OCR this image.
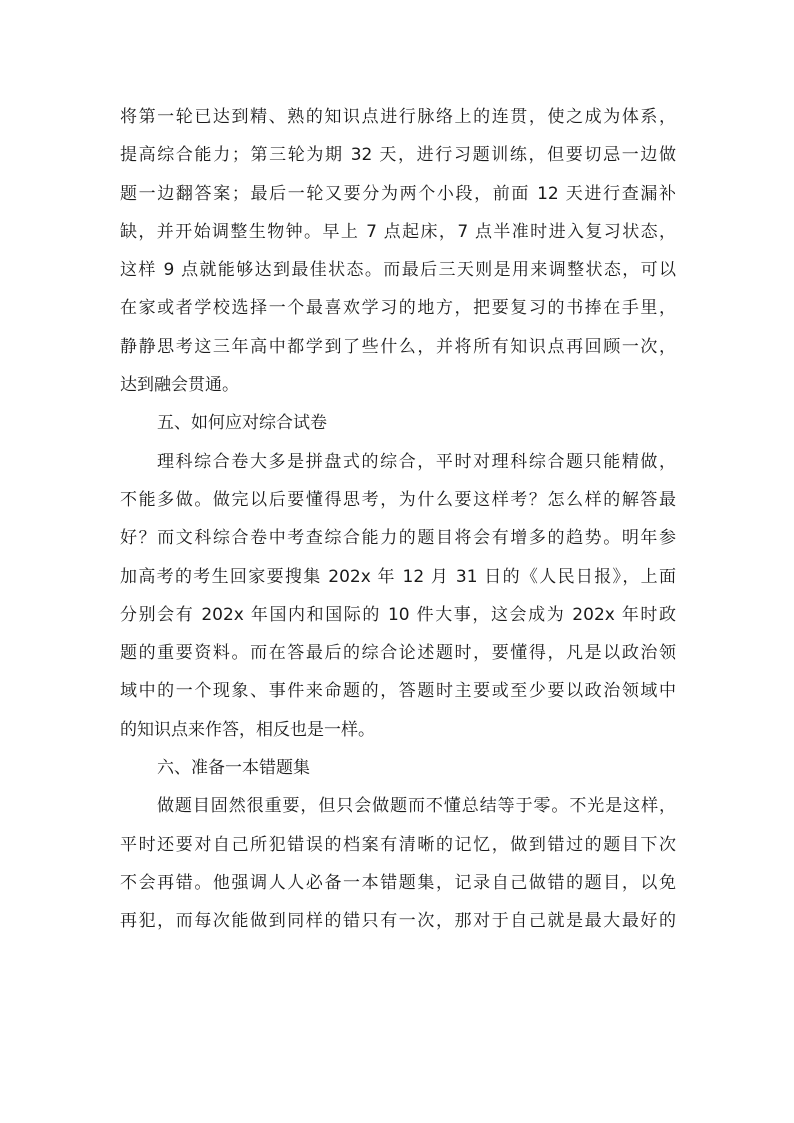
将第一轮已达到精、熟的知识点进行脉络上的连贯，使之成为体系，
提高综合能力；第三轮为期 32 天，进行习题训练，但要切忌一边做
题一边翻答案；最后一轮又要分为两个小段，前面 12 天进行查漏补
缺，并开始调整生物钟。早上 7 点起床，7 点半准时进入复习状态，
这样 9 点就能够达到最佳状态。而最后三天则是用来调整状态，可以
在家或者学校选择一个最喜欢学习的地方，把要复习的书捧在手里，
静静思考这三年高中都学到了些什么，并将所有知识点再回顾一次，
达到融会贯通。
五、如何应对综合试卷
理科综合卷大多是拼盘式的综合，平时对理科综合题只能精做，
不能多做。做完以后要懂得思考，为什么要这样考？怎么样的解答最
好？而文科综合卷中考查综合能力的题目将会有增多的趋势。明年参
加高考的考生回家要搜集 202x 年 12 月 31 日的《人民日报》，上面
分别会有 202x 年国内和国际的 10 件大事，这会成为 202x 年时政
题的重要资料。而在答最后的综合论述题时，要懂得，凡是以政治领
域中的一个现象、事件来命题的，答题时主要或至少要以政治领域中
的知识点来作答，相反也是一样。
六、准备一本错题集
做题目固然很重要，但只会做题而不懂总结等于零。不光是这样，
平时还要对自己所犯错误的档案有清晰的记忆，做到错过的题目下次
不会再错。他强调人人必备一本错题集，记录自己做错的题目，以免
再犯，而每次能做到同样的错只有一次，那对于自己就是最大最好的
